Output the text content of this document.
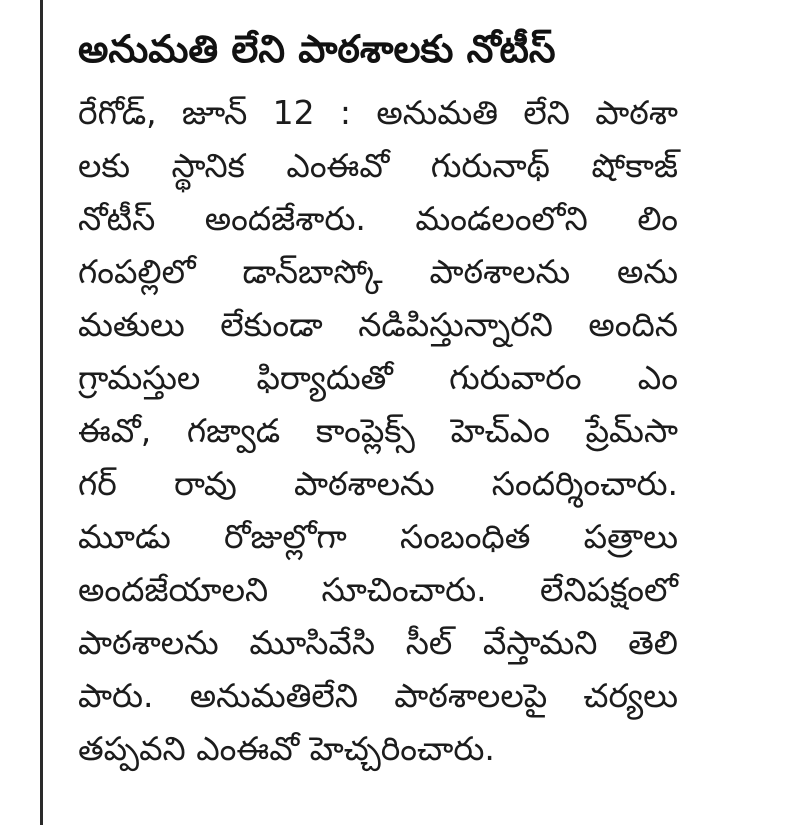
అనుమతి లేని పాఠశాలకు నోటీస్
రేగోడ్, జూన్ 12 : అనుమతి లేని పాఠశా
లకు స్థానిక ఎంఈవో గురునాథ్ షోకాజ్
నోటీస్ అందజేశారు. మండలంలోని లిం
గంపల్లిలో డాన్‌బాస్కో పాఠశాలను అను
మతులు లేకుండా నడిపిస్తున్నారని అందిన
గ్రామస్తుల ఫిర్యాదుతో గురువారం ఎం
ఈవో, గజ్వాడ కాంప్లెక్స్ హెచ్‌ఎం ప్రేమ్‌సా
గర్ రావు పాఠశాలను సందర్శించారు.
మూడు రోజుల్లోగా సంబంధిత పత్రాలు
అందజేయాలని సూచించారు. లేనిపక్షంలో
పాఠశాలను మూసివేసి సీల్ వేస్తామని తెలి
పారు. అనుమతిలేని పాఠశాలలపై చర్యలు
తప్పవని ఎంఈవో హెచ్చరించారు.
